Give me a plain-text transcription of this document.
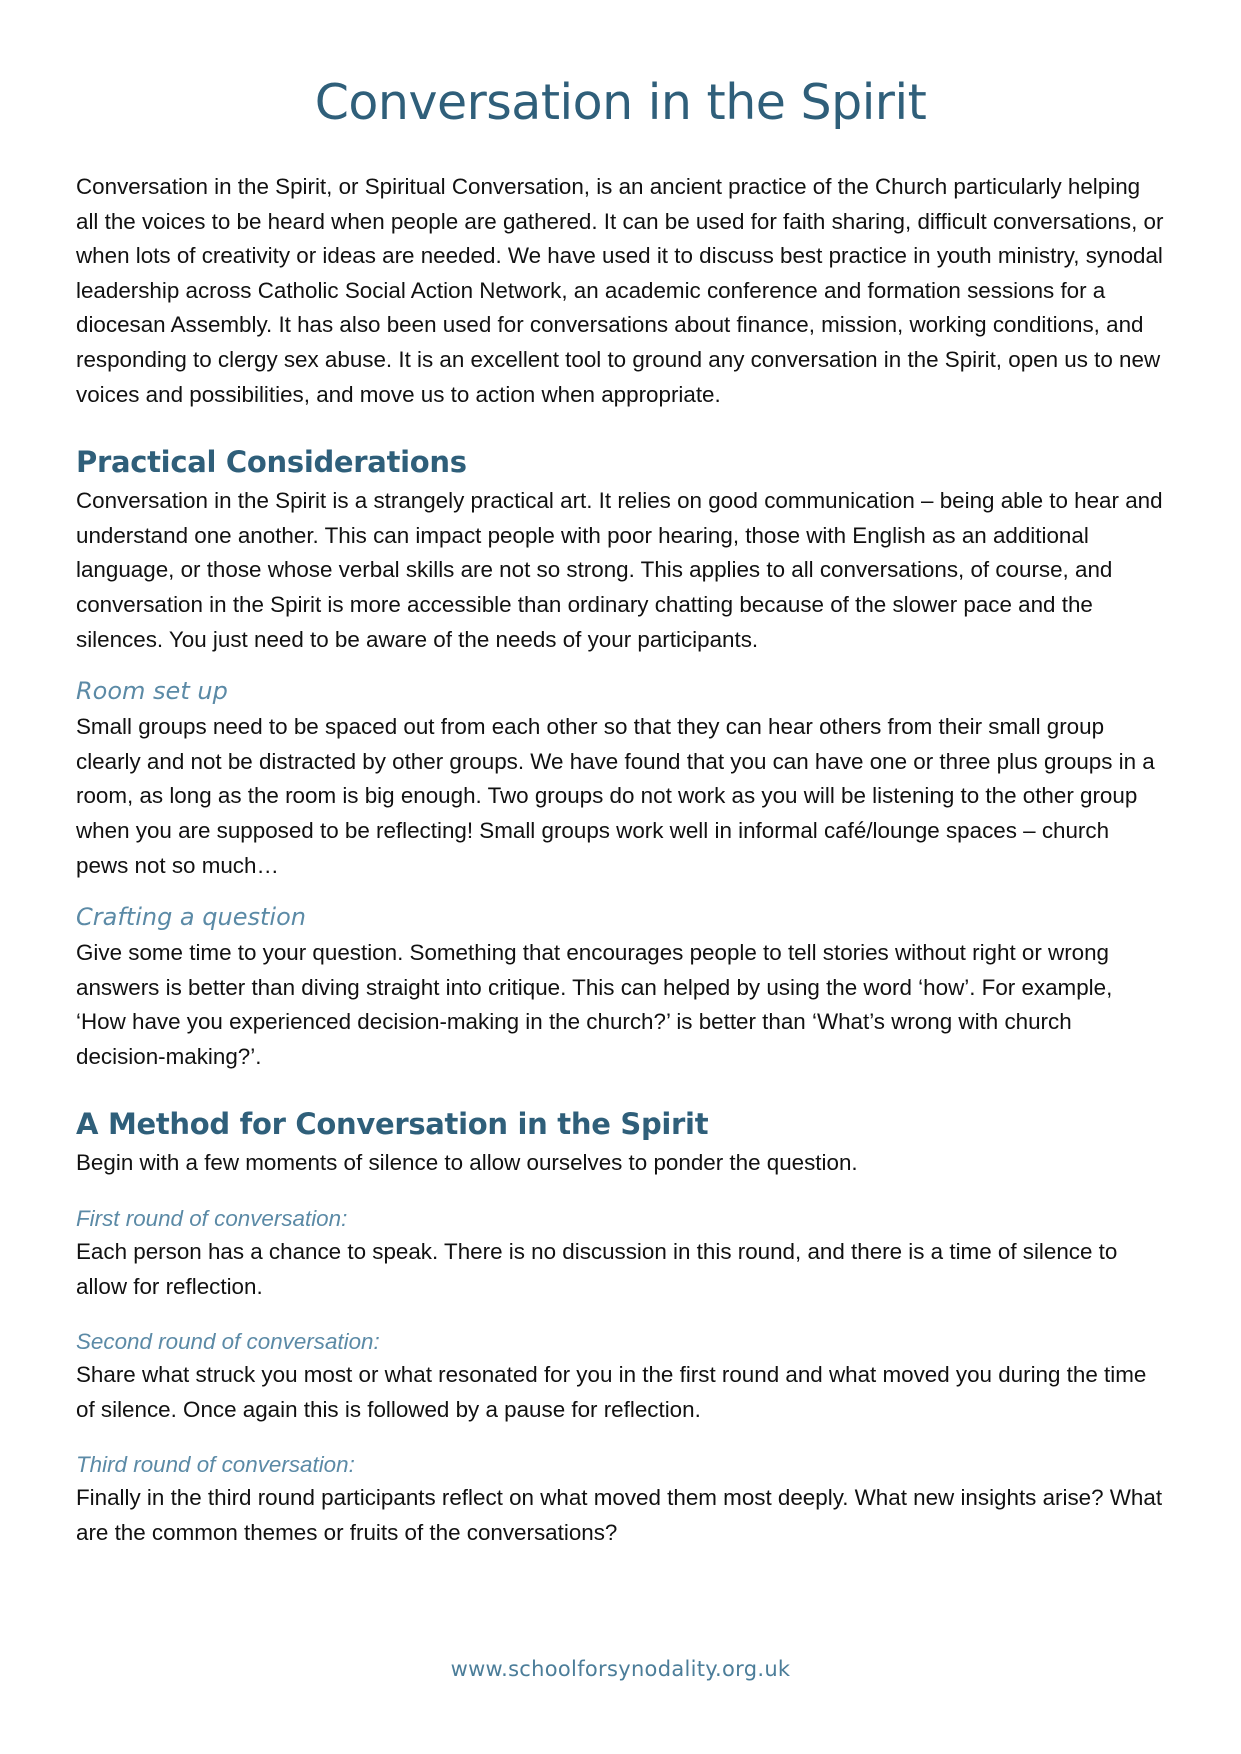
Conversation in the Spirit

Conversation in the Spirit, or Spiritual Conversation, is an ancient practice of the Church particularly helping all the voices to be heard when people are gathered. It can be used for faith sharing, difficult conversations, or when lots of creativity or ideas are needed. We have used it to discuss best practice in youth ministry, synodal leadership across Catholic Social Action Network, an academic conference and formation sessions for a diocesan Assembly. It has also been used for conversations about finance, mission, working conditions, and responding to clergy sex abuse. It is an excellent tool to ground any conversation in the Spirit, open us to new voices and possibilities, and move us to action when appropriate.

Practical Considerations

Conversation in the Spirit is a strangely practical art. It relies on good communication – being able to hear and understand one another. This can impact people with poor hearing, those with English as an additional language, or those whose verbal skills are not so strong. This applies to all conversations, of course, and conversation in the Spirit is more accessible than ordinary chatting because of the slower pace and the silences. You just need to be aware of the needs of your participants.

Room set up

Small groups need to be spaced out from each other so that they can hear others from their small group clearly and not be distracted by other groups. We have found that you can have one or three plus groups in a room, as long as the room is big enough. Two groups do not work as you will be listening to the other group when you are supposed to be reflecting! Small groups work well in informal café/lounge spaces – church pews not so much…

Crafting a question

Give some time to your question. Something that encourages people to tell stories without right or wrong answers is better than diving straight into critique. This can helped by using the word ‘how’. For example, ‘How have you experienced decision-making in the church?’ is better than ‘What’s wrong with church decision-making?’.

A Method for Conversation in the Spirit

Begin with a few moments of silence to allow ourselves to ponder the question.

First round of conversation:

Each person has a chance to speak. There is no discussion in this round, and there is a time of silence to allow for reflection.

Second round of conversation:

Share what struck you most or what resonated for you in the first round and what moved you during the time of silence. Once again this is followed by a pause for reflection.

Third round of conversation:

Finally in the third round participants reflect on what moved them most deeply. What new insights arise? What are the common themes or fruits of the conversations?

www.schoolforsynodality.org.uk
